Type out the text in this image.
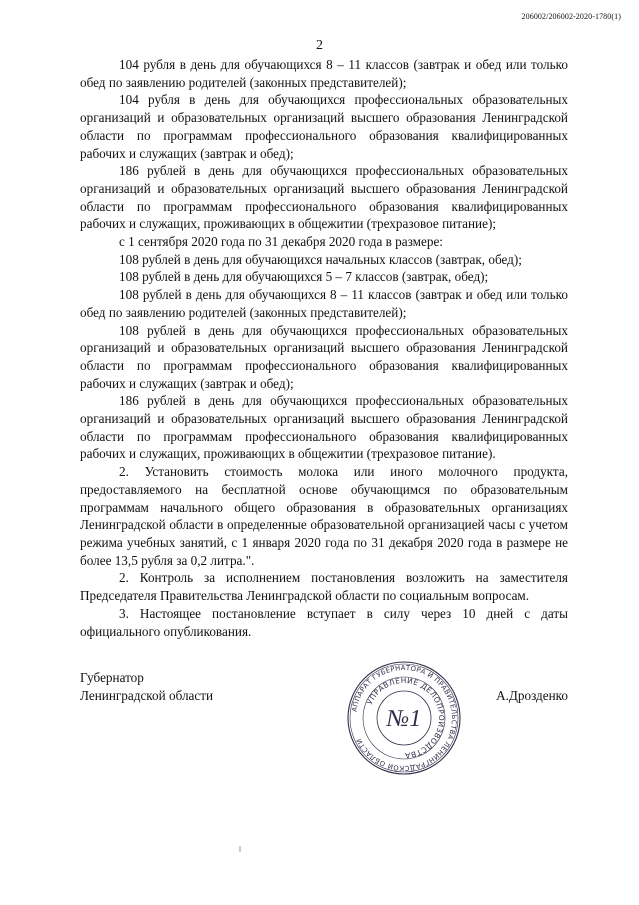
206002/206002-2020-1780(1)
2

104 рубля в день для обучающихся 8 – 11 классов (завтрак и обед или только обед по заявлению родителей (законных представителей);

104 рубля в день для обучающихся профессиональных образовательных организаций и образовательных организаций высшего образования Ленинградской области по программам профессионального образования квалифицированных рабочих и служащих (завтрак и обед);

186 рублей в день для обучающихся профессиональных образовательных организаций и образовательных организаций высшего образования Ленинградской области по программам профессионального образования квалифицированных рабочих и служащих, проживающих в общежитии (трехразовое питание);

с 1 сентября 2020 года по 31 декабря 2020 года в размере:

108 рублей в день для обучающихся начальных классов (завтрак, обед);

108 рублей в день для обучающихся 5 – 7 классов (завтрак, обед);

108 рублей в день для обучающихся 8 – 11 классов (завтрак и обед или только обед по заявлению родителей (законных представителей);

108 рублей в день для обучающихся профессиональных образовательных организаций и образовательных организаций высшего образования Ленинградской области по программам профессионального образования квалифицированных рабочих и служащих (завтрак и обед);

186 рублей в день для обучающихся профессиональных образовательных организаций и образовательных организаций высшего образования Ленинградской области по программам профессионального образования квалифицированных рабочих и служащих, проживающих в общежитии (трехразовое питание).

2. Установить стоимость молока или иного молочного продукта, предоставляемого на бесплатной основе обучающимся по образовательным программам начального общего образования в образовательных организациях Ленинградской области в определенные образовательной организацией часы с учетом режима учебных занятий, с 1 января 2020 года по 31 декабря 2020 года в размере не более 13,5 рубля за 0,2 литра.".

2. Контроль за исполнением постановления возложить на заместителя Председателя Правительства Ленинградской области по социальным вопросам.

3. Настоящее постановление вступает в силу через 10 дней с даты официального опубликования.

Губернатор
Ленинградской области	А.Дрозденко
АППАРАТ ГУБЕРНАТОРА И ПРАВИТЕЛЬСТВА ЛЕНИНГРАДСКОЙ ОБЛАСТИ
УПРАВЛЕНИЕ ДЕЛОПРОИЗВОДСТВА
№1
